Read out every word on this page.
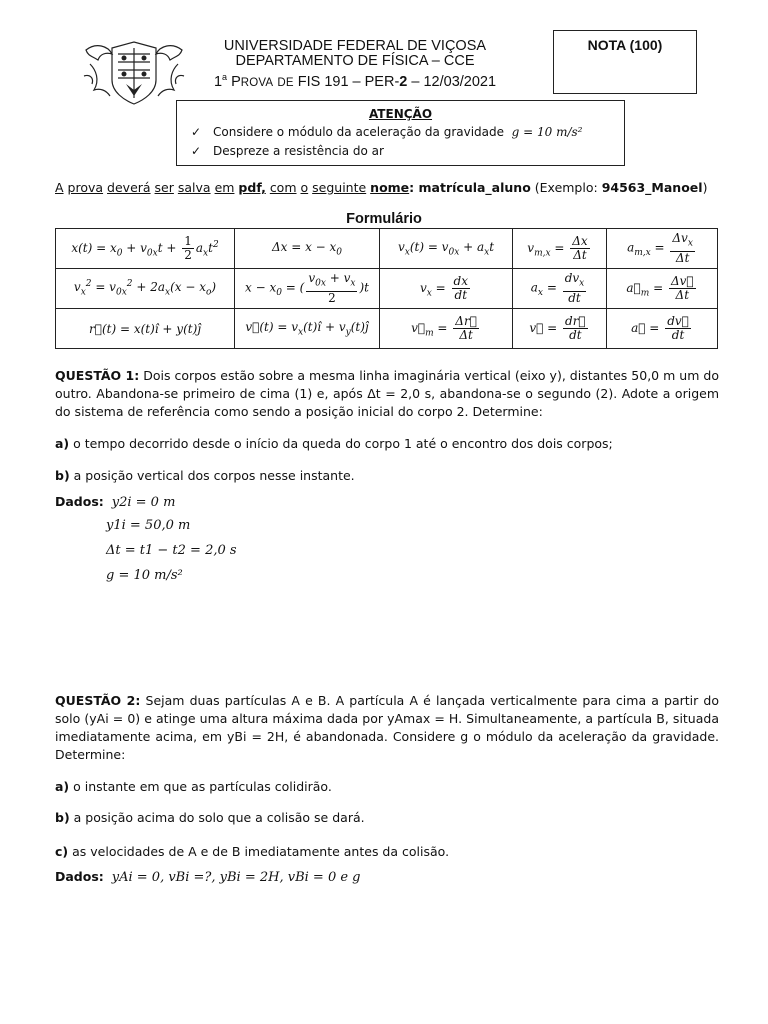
UNIVERSIDADE FEDERAL DE VIÇOSA
DEPARTAMENTO DE FÍSICA – CCE
1$^a$ PROVA DE FIS 191 – PER-2 – 12/03/2021
NOTA (100)
ATENÇÃO
✓ Considere o módulo da aceleração da gravidade g = 10 m/s²
✓ Despreze a resistência do ar
A prova deverá ser salva em pdf, com o seguinte nome: matrícula_aluno (Exemplo: 94563_Manoel)
Formulário
$x(t) = x_0 + v_{0x}t + \frac{1}{2} a_xt^2$	$\Delta x = x - x_0$	$v_x(t) = v_{0x} + a_xt$	$v_{m,x} = \frac{\Delta x}{\Delta t}$	$a_{m,x} = \frac{\Delta v_x}{\Delta t}$

$v_x^2 = v_{0x}^2 + 2a_x(x - x_o)$	$x - x_0$ = ( $\frac{v_{0x} + v_x}{2} )t$	$v_x = \frac{dx}{dt}$	$a_x = \frac{dv_x}{dt}$	$a⃗_m = \frac{\Delta v⃗}{\Delta t}$

r⃗(t) = x(t)î + y(t)ĵ	v⃗(t) = $v_x(t)î$ + $v_y(t)ĵ$	$v⃗_m = \frac{\Delta r⃗}{\Delta t}$	v⃗ = $\frac{dr⃗}{dt}$	a⃗ = $\frac{dv⃗}{dt}$
QUESTÃO 1: Dois corpos estão sobre a mesma linha imaginária vertical (eixo y), distantes 50,0 m um do outro. Abandona-se primeiro de cima (1) e, após Δt = 2,0 s, abandona-se o segundo (2). Adote a origem do sistema de referência como sendo a posição inicial do corpo 2. Determine:
a) o tempo decorrido desde o início da queda do corpo 1 até o encontro dos dois corpos;
b) a posição vertical dos corpos nesse instante.
Dados: y2i = 0 m
y1i = 50,0 m
Δt = t1 − t2 = 2,0 s
g = 10 m/s²
QUESTÃO 2: Sejam duas partículas A e B. A partícula A é lançada verticalmente para cima a partir do solo (yAi = 0) e atinge uma altura máxima dada por yAmax = H. Simultaneamente, a partícula B, situada imediatamente acima, em yBi = 2H, é abandonada. Considere g o módulo da aceleração da gravidade. Determine:
a) o instante em que as partículas colidirão.
b) a posição acima do solo que a colisão se dará.
c) as velocidades de A e de B imediatamente antes da colisão.
Dados: yAi = 0, vBi =?, yBi = 2H, vBi = 0 e g
